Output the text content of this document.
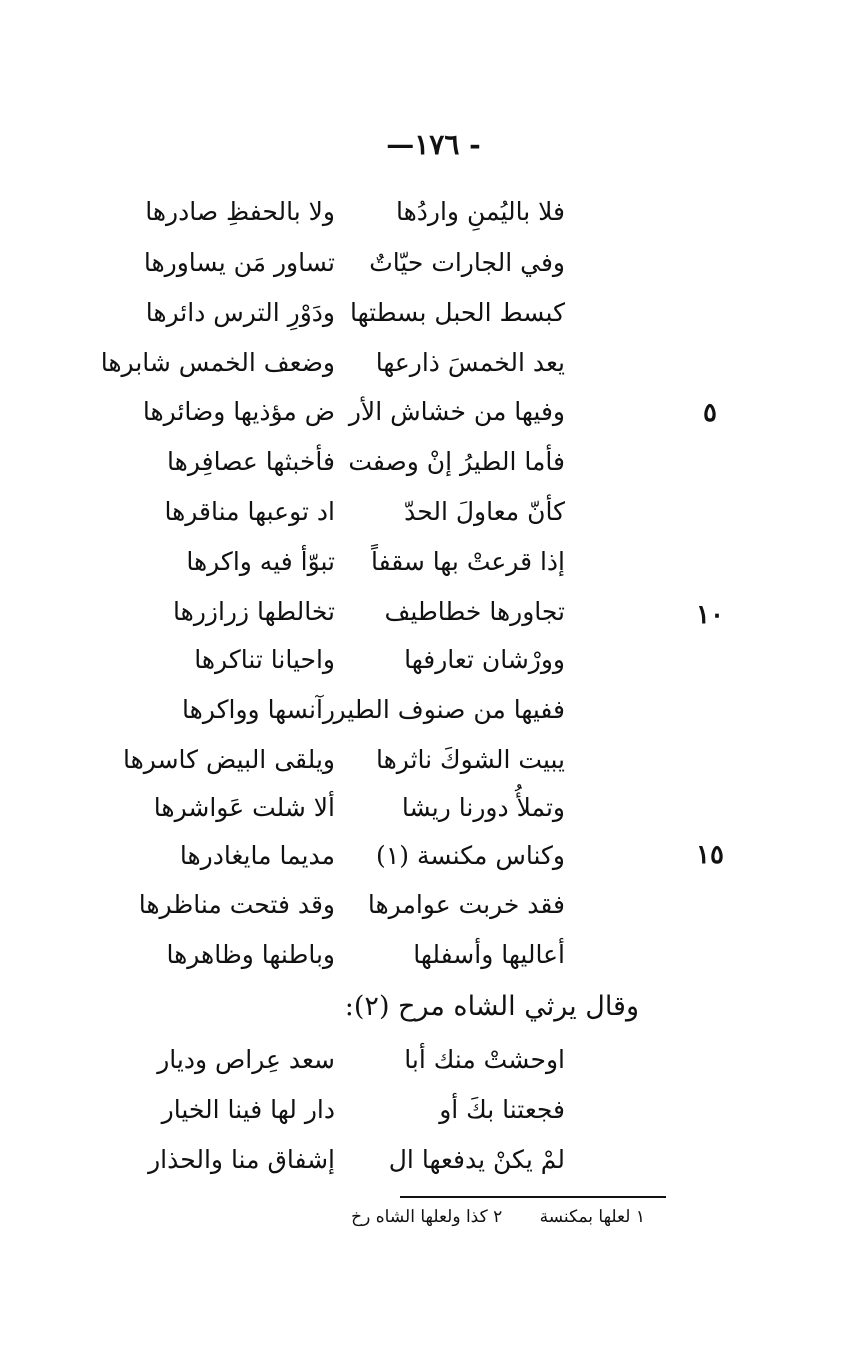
—١٧٦ -
فلا باليُمنِ واردُها
ولا بالحفظِ صادرها
وفي الجارات حيّاتٌ
تساور مَن يساورها
كبسط الحبل بسطتها
ودَوْرِ الترس دائرها
يعد الخمسَ ذارعها
وضعف الخمس شابرها
وفيها من خشاش الأر
ض مؤذيها وضائرها
فأما الطيرُ إنْ وصفت
فأخبثها عصافِرها
كأنّ معاولَ الحدّ
اد توعبها مناقرها
إذا قرعتْ بها سقفاً
تبوّأ فيه واكرها
تجاورها خطاطيف
تخالطها زرازرها
وورْشان تعارفها
واحيانا تناكرها
ففيها من صنوف الطير
رآنسها وواكرها
يبيت الشوكَ ناثرها
ويلقى البيض كاسرها
وتملأُ دورنا ريشا
ألا شلت عَواشرها
وكناس مكنسة (١)
مديما مايغادرها
فقد خربت عوامرها
وقد فتحت مناظرها
أعاليها وأسفلها
وباطنها وظاهرها
٥
١٠
١٥
وقال يرثي الشاه مرح (٢):
اوحشتْ منك أبا
سعد عِراص وديار
فجعتنا بكَ أو
دار لها فينا الخيار
لمْ يكنْ يدفعها ال
إشفاق منا والحذار
١ لعلها بمكنسة ٢ كذا ولعلها الشاه رخ
